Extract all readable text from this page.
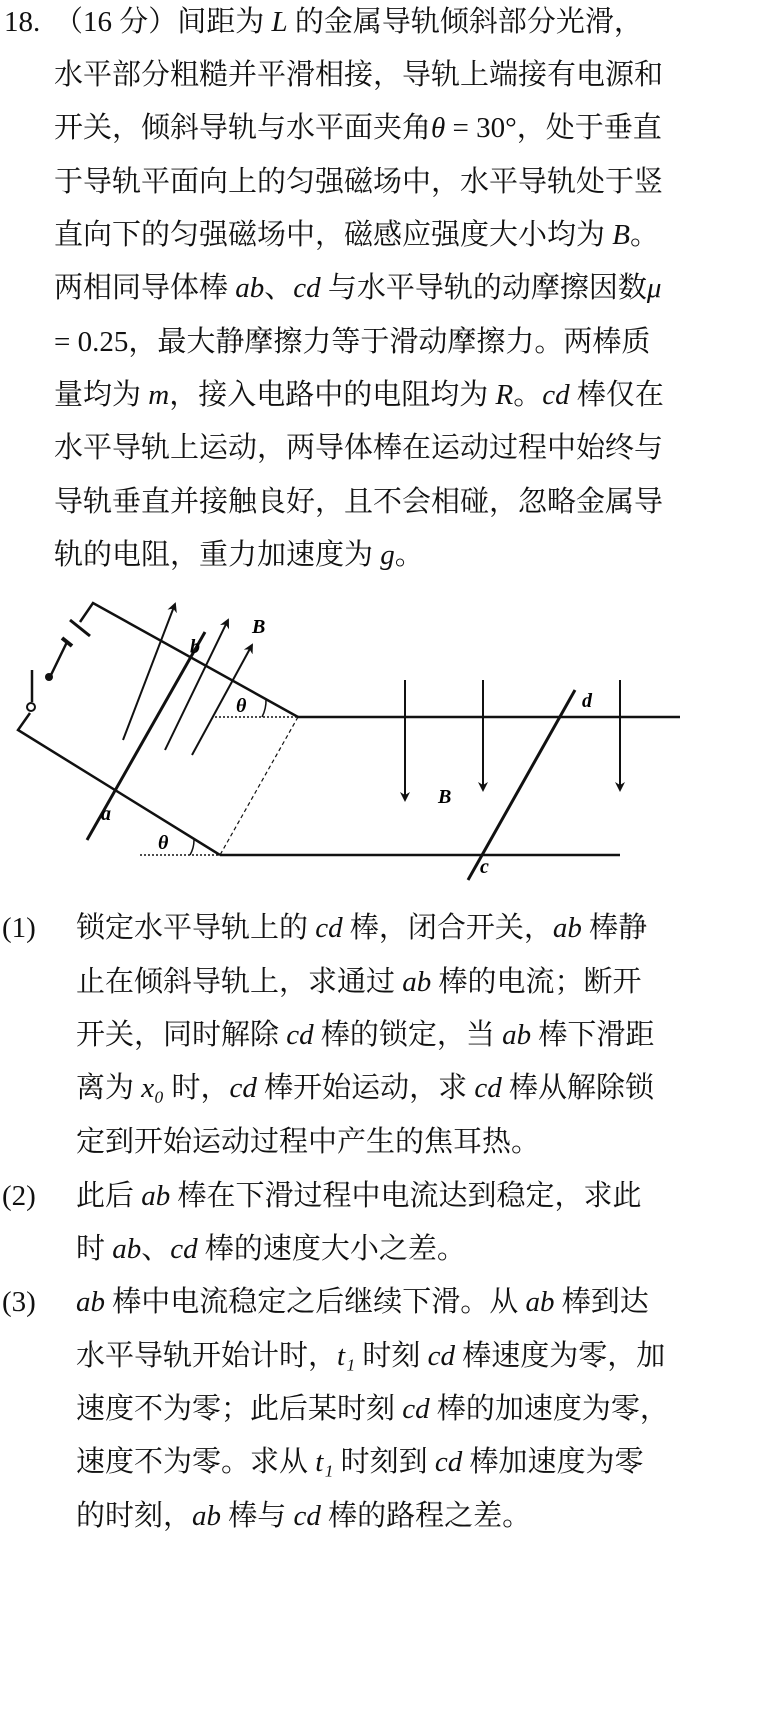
18. （16 分）间距为 L 的金属导轨倾斜部分光滑，
水平部分粗糙并平滑相接，导轨上端接有电源和
开关，倾斜导轨与水平面夹角θ = 30°，处于垂直
于导轨平面向上的匀强磁场中，水平导轨处于竖
直向下的匀强磁场中，磁感应强度大小均为 B。
两相同导体棒 ab、cd 与水平导轨的动摩擦因数μ
= 0.25，最大静摩擦力等于滑动摩擦力。两棒质
量均为 m，接入电路中的电阻均为 R。cd 棒仅在
水平导轨上运动，两导体棒在运动过程中始终与
导轨垂直并接触良好，且不会相碰，忽略金属导
轨的电阻，重力加速度为 g。
a
b
B
θ
θ
B
d
c
(1) 锁定水平导轨上的 cd 棒，闭合开关，ab 棒静
止在倾斜导轨上，求通过 ab 棒的电流；断开
开关，同时解除 cd 棒的锁定，当 ab 棒下滑距
离为 x₀ 时，cd 棒开始运动，求 cd 棒从解除锁
定到开始运动过程中产生的焦耳热。
(2) 此后 ab 棒在下滑过程中电流达到稳定，求此
时 ab、cd 棒的速度大小之差。
(3) ab 棒中电流稳定之后继续下滑。从 ab 棒到达
水平导轨开始计时，t₁ 时刻 cd 棒速度为零，加
速度不为零；此后某时刻 cd 棒的加速度为零，
速度不为零。求从 t₁ 时刻到 cd 棒加速度为零
的时刻，ab 棒与 cd 棒的路程之差。
